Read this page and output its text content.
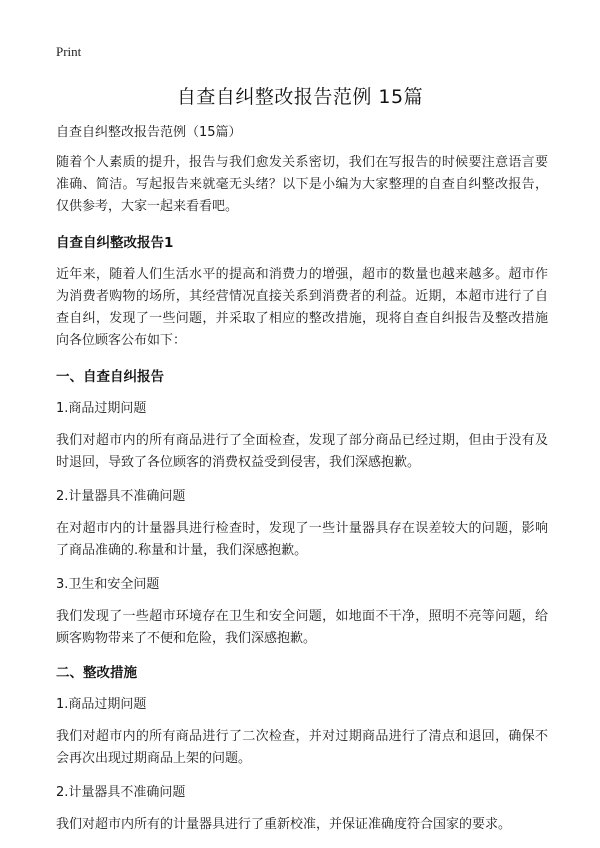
Print
自查自纠整改报告范例 15篇

自查自纠整改报告范例（15篇）

随着个人素质的提升，报告与我们愈发关系密切，我们在写报告的时候要注意语言要准确、简洁。写起报告来就毫无头绪？以下是小编为大家整理的自查自纠整改报告，仅供参考，大家一起来看看吧。

自查自纠整改报告1

近年来，随着人们生活水平的提高和消费力的增强，超市的数量也越来越多。超市作为消费者购物的场所，其经营情况直接关系到消费者的利益。近期，本超市进行了自查自纠，发现了一些问题，并采取了相应的整改措施，现将自查自纠报告及整改措施向各位顾客公布如下：

一、自查自纠报告
1.商品过期问题

我们对超市内的所有商品进行了全面检查，发现了部分商品已经过期，但由于没有及时退回，导致了各位顾客的消费权益受到侵害，我们深感抱歉。

2.计量器具不准确问题

在对超市内的计量器具进行检查时，发现了一些计量器具存在误差较大的问题，影响了商品准确的.称量和计量，我们深感抱歉。

3.卫生和安全问题

我们发现了一些超市环境存在卫生和安全问题，如地面不干净，照明不亮等问题，给顾客购物带来了不便和危险，我们深感抱歉。

二、整改措施
1.商品过期问题

我们对超市内的所有商品进行了二次检查，并对过期商品进行了清点和退回，确保不会再次出现过期商品上架的问题。

2.计量器具不准确问题

我们对超市内所有的计量器具进行了重新校准，并保证准确度符合国家的要求。
